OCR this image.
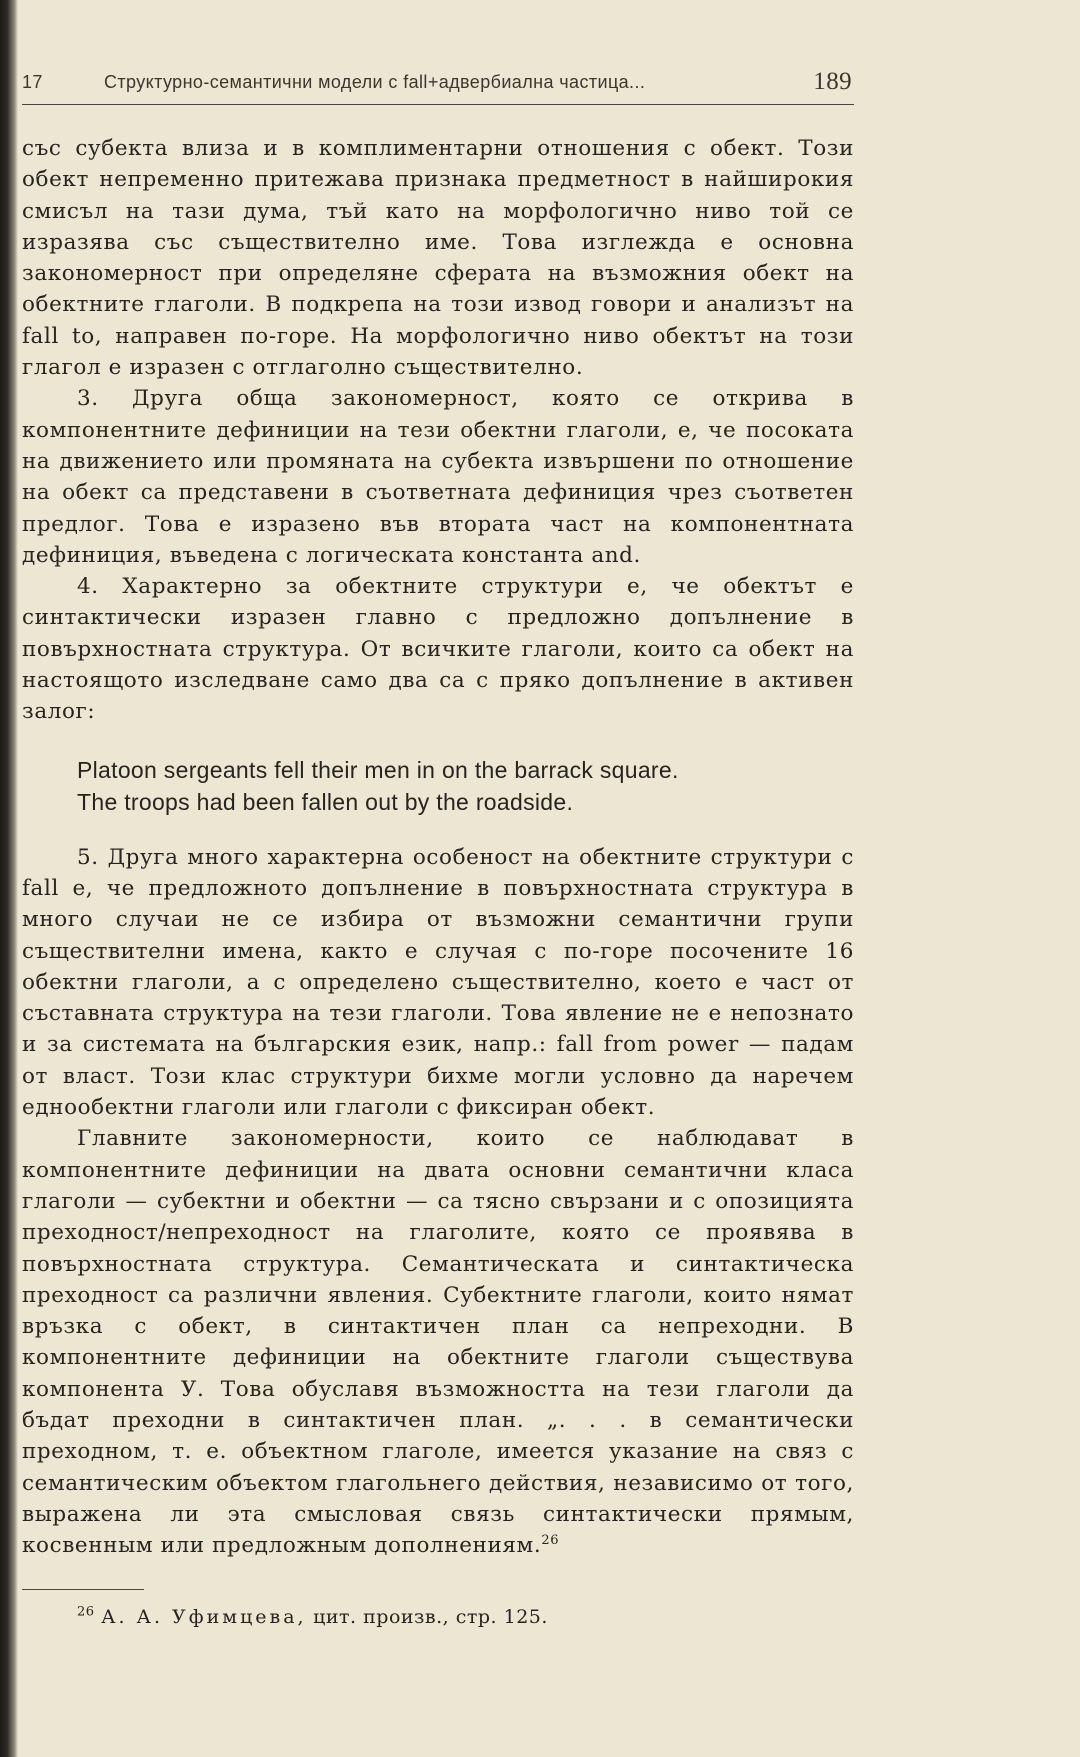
17	Структурно-семантични модели с fall+адвербиална частица...	189

със субекта влиза и в комплиментарни отношения с обект. Този обект непременно притежава признака предметност в найширокия смисъл на тази дума, тъй като на морфологично ниво той се изразява със съществително име. Това изглежда е основна закономерност при определяне сферата на възможния обект на обектните глаголи. В подкрепа на този извод говори и анализът на fall to, направен по-горе. На морфологично ниво обектът на този глагол е изразен с отглаголно съществително.

3. Друга обща закономерност, която се открива в компонентните дефиниции на тези обектни глаголи, е, че посоката на движението или промяната на субекта извършени по отношение на обект са представени в съответната дефиниция чрез съответен предлог. Това е изразено във втората част на компонентната дефиниция, въведена с логическата константа and.

4. Характерно за обектните структури е, че обектът е синтактически изразен главно с предложно допълнение в повърхностната структура. От всичките глаголи, които са обект на настоящото изследване само два са с пряко допълнение в активен залог:

Platoon sergeants fell their men in on the barrack square.
The troops had been fallen out by the roadside.

5. Друга много характерна особеност на обектните структури с fall е, че предложното допълнение в повърхностната структура в много случаи не се избира от възможни семантични групи съществителни имена, както е случая с по-горе посочените 16 обектни глаголи, а с определено съществително, което е част от съставната структура на тези глаголи. Това явление не е непознато и за системата на българския език, напр.: fall from power — падам от власт. Този клас структури бихме могли условно да наречем еднообектни глаголи или глаголи с фиксиран обект.

Главните закономерности, които се наблюдават в компонентните дефиниции на двата основни семантични класа глаголи — субектни и обектни — са тясно свързани и с опозицията преходност/непреходност на глаголите, която се проявява в повърхностната структура. Семантическата и синтактическа преходност са различни явления. Субектните глаголи, които нямат връзка с обект, в синтактичен план са непреходни. В компонентните дефиниции на обектните глаголи съществува компонента У. Това обуславя възможността на тези глаголи да бъдат преходни в синтактичен план. „. . . в семантически преходном, т. е. объектном глаголе, имеется указание на связ с семантическим объектом глагольнего действия, независимо от того, выражена ли эта смысловая связь синтактически прямым, косвенным или предложным дополнениям.$^{26}$

$^{26}$ А. А. Уфимцева, цит. произв., стр. 125.
